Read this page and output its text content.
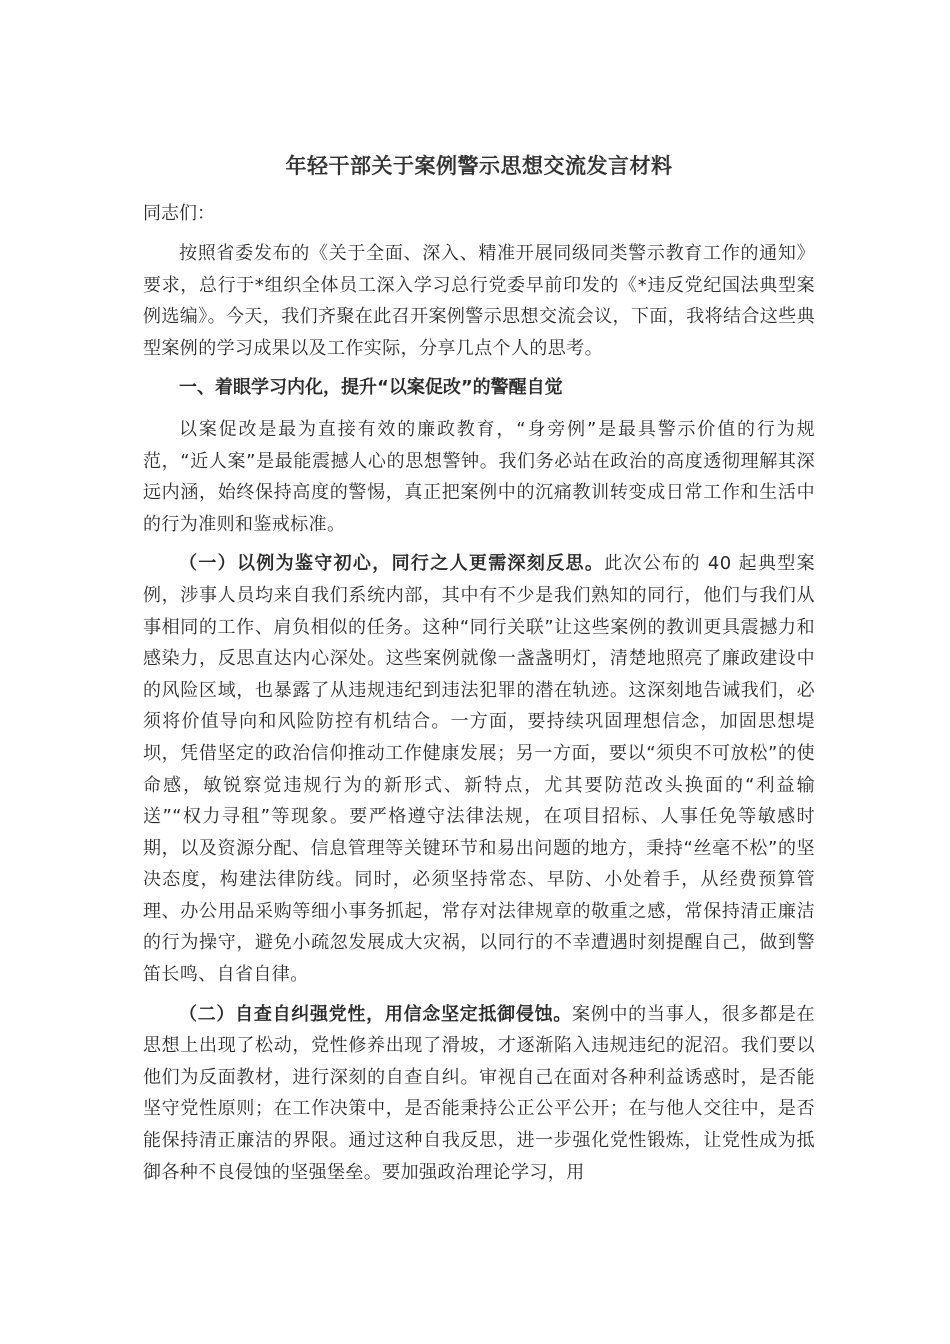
年轻干部关于案例警示思想交流发言材料
同志们：

按照省委发布的《关于全面、深入、精准开展同级同类警示教育工作的通知》要求，总行于*组织全体员工深入学习总行党委早前印发的《*违反党纪国法典型案例选编》。今天，我们齐聚在此召开案例警示思想交流会议，下面，我将结合这些典型案例的学习成果以及工作实际，分享几点个人的思考。

一、着眼学习内化，提升“以案促改”的警醒自觉

以案促改是最为直接有效的廉政教育，“身旁例”是最具警示价值的行为规范，“近人案”是最能震撼人心的思想警钟。我们务必站在政治的高度透彻理解其深远内涵，始终保持高度的警惕，真正把案例中的沉痛教训转变成日常工作和生活中的行为准则和鉴戒标准。

（一）以例为鉴守初心，同行之人更需深刻反思。此次公布的 40 起典型案例，涉事人员均来自我们系统内部，其中有不少是我们熟知的同行，他们与我们从事相同的工作、肩负相似的任务。这种“同行关联”让这些案例的教训更具震撼力和感染力，反思直达内心深处。这些案例就像一盏盏明灯，清楚地照亮了廉政建设中的风险区域，也暴露了从违规违纪到违法犯罪的潜在轨迹。这深刻地告诫我们，必须将价值导向和风险防控有机结合。一方面，要持续巩固理想信念，加固思想堤坝，凭借坚定的政治信仰推动工作健康发展；另一方面，要以“须臾不可放松”的使命感，敏锐察觉违规行为的新形式、新特点，尤其要防范改头换面的“利益输送”“权力寻租”等现象。要严格遵守法律法规，在项目招标、人事任免等敏感时期，以及资源分配、信息管理等关键环节和易出问题的地方，秉持“丝毫不松”的坚决态度，构建法律防线。同时，必须坚持常态、早防、小处着手，从经费预算管理、办公用品采购等细小事务抓起，常存对法律规章的敬重之感，常保持清正廉洁的行为操守，避免小疏忽发展成大灾祸，以同行的不幸遭遇时刻提醒自己，做到警笛长鸣、自省自律。

（二）自查自纠强党性，用信念坚定抵御侵蚀。案例中的当事人，很多都是在思想上出现了松动，党性修养出现了滑坡，才逐渐陷入违规违纪的泥沼。我们要以他们为反面教材，进行深刻的自查自纠。审视自己在面对各种利益诱惑时，是否能坚守党性原则；在工作决策中，是否能秉持公正公平公开；在与他人交往中，是否能保持清正廉洁的界限。通过这种自我反思，进一步强化党性锻炼，让党性成为抵御各种不良侵蚀的坚强堡垒。要加强政治理论学习，用
